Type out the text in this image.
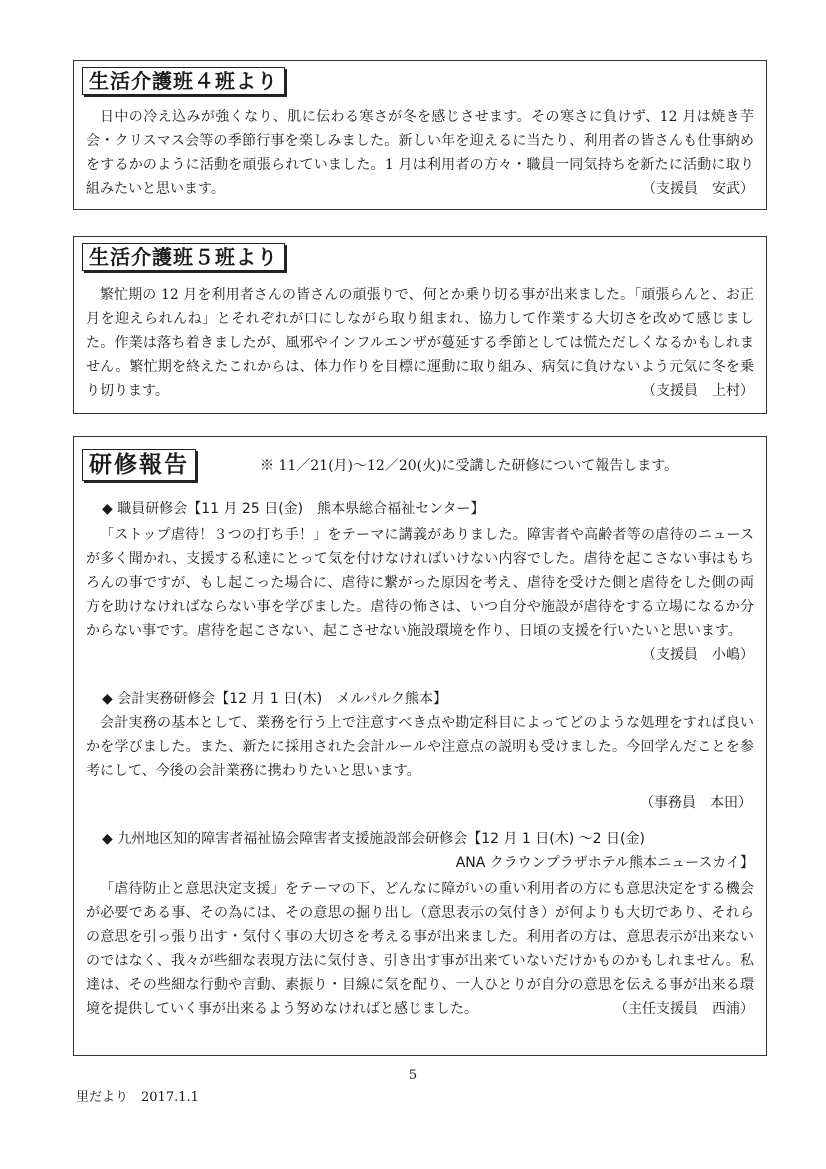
生活介護班４班より
日中の冷え込みが強くなり、肌に伝わる寒さが冬を感じさせます。その寒さに負けず、12 月は焼き芋会・クリスマス会等の季節行事を楽しみました。新しい年を迎えるに当たり、利用者の皆さんも仕事納めをするかのように活動を頑張られていました。1 月は利用者の方々・職員一同気持ちを新たに活動に取り組みたいと思います。	（支援員　安武）
生活介護班５班より
繁忙期の 12 月を利用者さんの皆さんの頑張りで、何とか乗り切る事が出来ました。「頑張らんと、お正月を迎えられんね」とそれぞれが口にしながら取り組まれ、協力して作業する大切さを改めて感じました。作業は落ち着きましたが、風邪やインフルエンザが蔓延する季節としては慌ただしくなるかもしれません。繁忙期を終えたこれからは、体力作りを目標に運動に取り組み、病気に負けないよう元気に冬を乗り切ります。	（支援員　上村）
研修報告	※ 11／21(月)～12／20(火)に受講した研修について報告します。
◆ 職員研修会【11 月 25 日(金)　熊本県総合福祉センター】
「ストップ虐待！３つの打ち手！」をテーマに講義がありました。障害者や高齢者等の虐待のニュースが多く聞かれ、支援する私達にとって気を付けなければいけない内容でした。虐待を起こさない事はもちろんの事ですが、もし起こった場合に、虐待に繋がった原因を考え、虐待を受けた側と虐待をした側の両方を助けなければならない事を学びました。虐待の怖さは、いつ自分や施設が虐待をする立場になるか分からない事です。虐待を起こさない、起こさせない施設環境を作り、日頃の支援を行いたいと思います。
（支援員　小嶋）
◆ 会計実務研修会【12 月 1 日(木)　メルパルク熊本】
会計実務の基本として、業務を行う上で注意すべき点や勘定科目によってどのような処理をすれば良いかを学びました。また、新たに採用された会計ルールや注意点の説明も受けました。今回学んだことを参考にして、今後の会計業務に携わりたいと思います。
（事務員　本田）
◆ 九州地区知的障害者福祉協会障害者支援施設部会研修会【12 月 1 日(木) ～2 日(金)
ANA クラウンプラザホテル熊本ニュースカイ】
「虐待防止と意思決定支援」をテーマの下、どんなに障がいの重い利用者の方にも意思決定をする機会が必要である事、その為には、その意思の掘り出し（意思表示の気付き）が何よりも大切であり、それらの意思を引っ張り出す・気付く事の大切さを考える事が出来ました。利用者の方は、意思表示が出来ないのではなく、我々が些細な表現方法に気付き、引き出す事が出来ていないだけかものかもしれません。私達は、その些細な行動や言動、素振り・目線に気を配り、一人ひとりが自分の意思を伝える事が出来る環境を提供していく事が出来るよう努めなければと感じました。	（主任支援員　西浦）
5
里だより　2017.1.1
